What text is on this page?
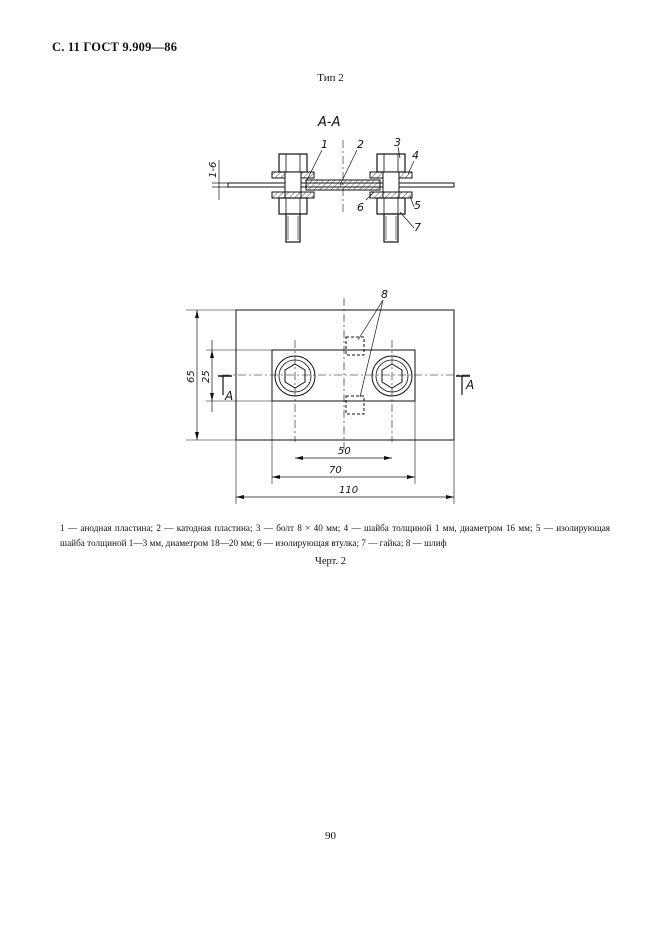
С. 11 ГОСТ 9.909—86
Тип 2
А-А
1-6
1	2	3
4
5
6
7
8
А
А
65 25
50
70
110
1 — анодная пластина; 2 — катодная пластина; 3 — болт 8 × 40 мм; 4 — шайба толщиной 1 мм, диаметром 16 мм; 5 — изолирующая шайба толщиной 1—3 мм, диаметром 18—20 мм; 6 — изолирующая втулка; 7 — гайка; 8 — шлиф
Черт. 2
90
